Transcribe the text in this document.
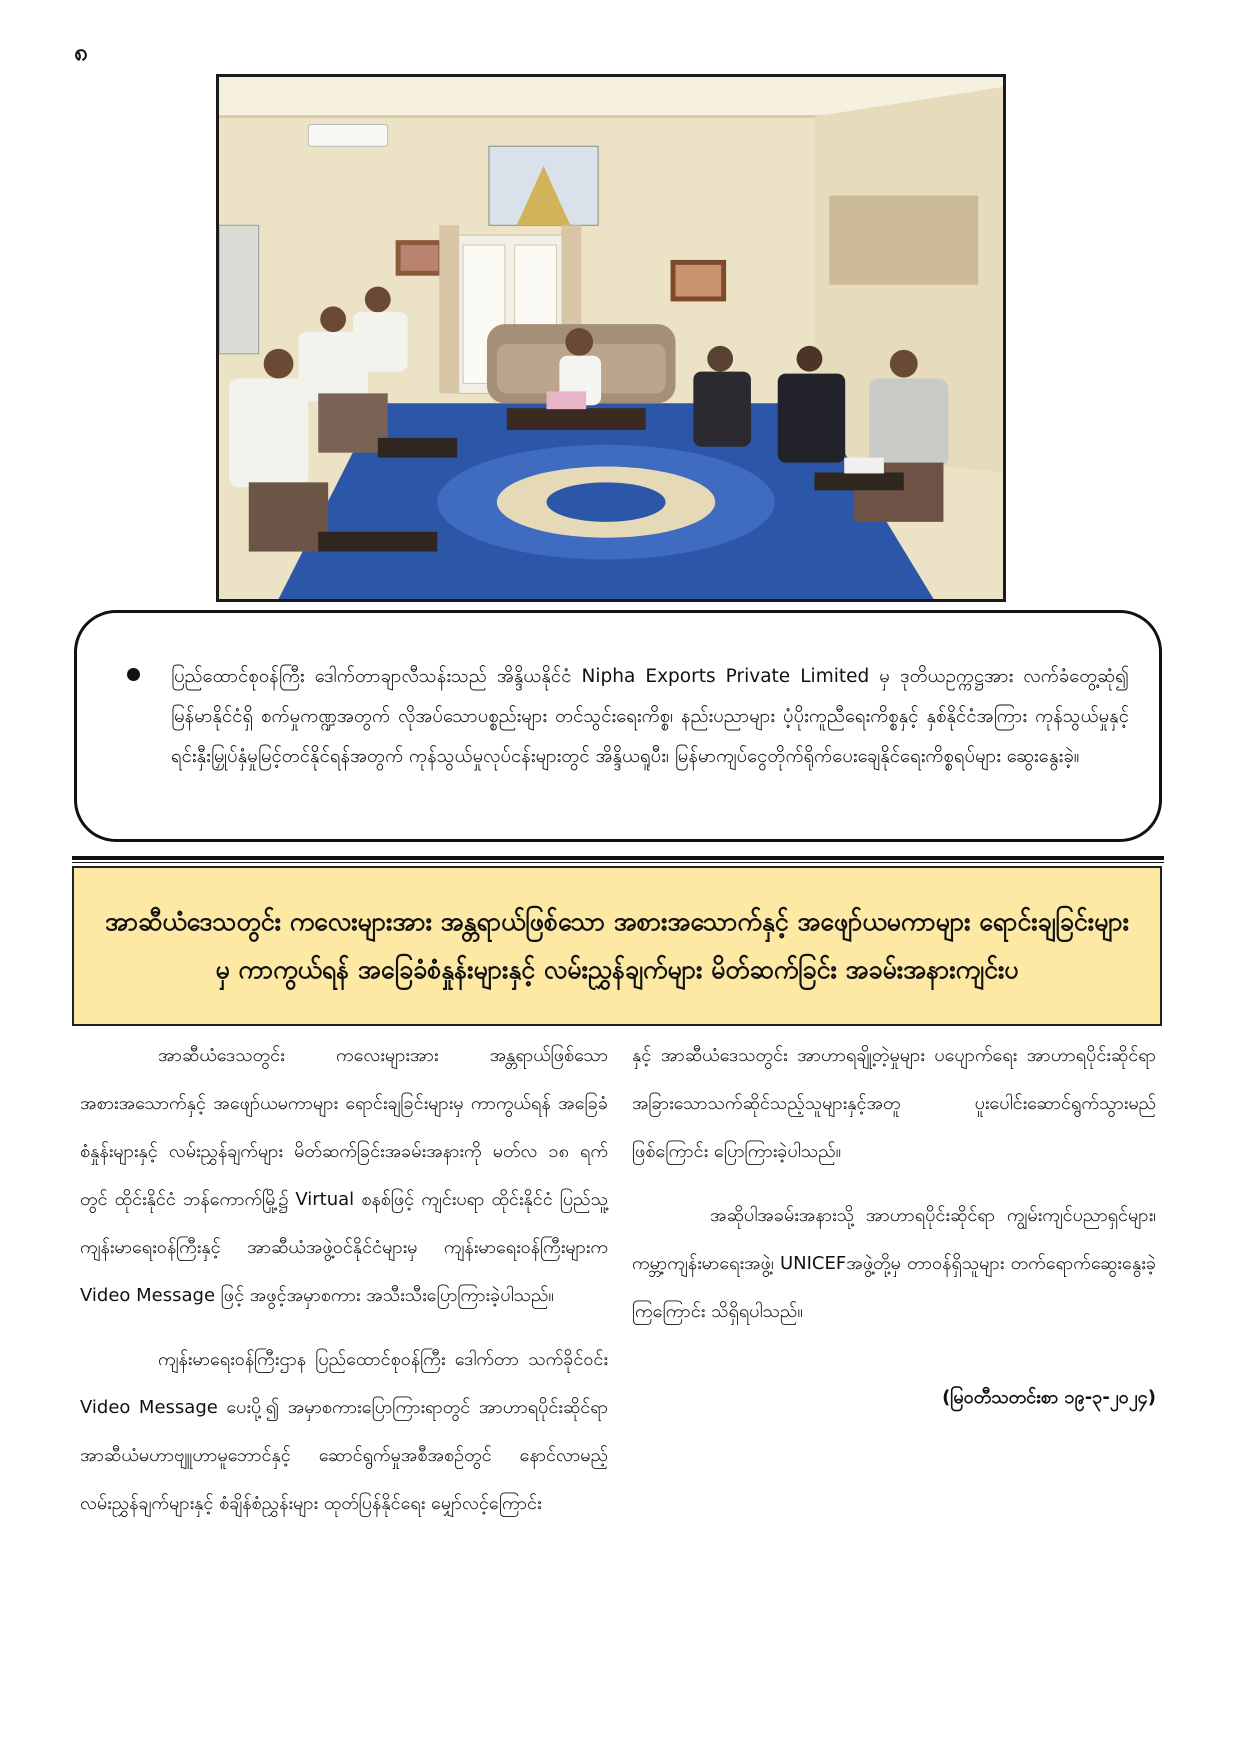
၈

ပြည်ထောင်စုဝန်ကြီး ဒေါက်တာချာလီသန်းသည် အိန္ဒိယနိုင်ငံ Nipha Exports Private Limited မှ ဒုတိယဥက္ကဋ္ဌအား လက်ခံတွေ့ဆုံ၍ မြန်မာနိုင်ငံရှိ စက်မှုကဏ္ဍအတွက် လိုအပ်သောပစ္စည်းများ တင်သွင်းရေးကိစ္စ၊ နည်းပညာများ ပံ့ပိုးကူညီရေးကိစ္စနှင့် နှစ်နိုင်ငံအကြား ကုန်သွယ်မှုနှင့် ရင်းနှီးမြှုပ်နှံမှုမြင့်တင်နိုင်ရန်အတွက် ကုန်သွယ်မှုလုပ်ငန်းများတွင် အိန္ဒိယရူပီး၊ မြန်မာကျပ်ငွေတိုက်ရိုက်ပေးချေနိုင်ရေးကိစ္စရပ်များ ဆွေးနွေးခဲ့။

အာဆီယံဒေသတွင်း ကလေးများအား အန္တရာယ်ဖြစ်သော အစားအသောက်နှင့် အဖျော်ယမကာများ ရောင်းချခြင်းများမှ ကာကွယ်ရန် အခြေခံစံနှုန်းများနှင့် လမ်းညွှန်ချက်များ မိတ်ဆက်ခြင်း အခမ်းအနားကျင်းပ

အာဆီယံဒေသတွင်း ကလေးများအား အန္တရာယ်ဖြစ်သော အစားအသောက်နှင့် အဖျော်ယမကာများ ရောင်းချခြင်းများမှ ကာကွယ်ရန် အခြေခံစံနှုန်းများနှင့် လမ်းညွှန်ချက်များ မိတ်ဆက်ခြင်းအခမ်းအနားကို မတ်လ ၁၈ ရက်တွင် ထိုင်းနိုင်ငံ ဘန်ကောက်မြို့၌ Virtual စနစ်ဖြင့် ကျင်းပရာ ထိုင်းနိုင်ငံ ပြည်သူ့ကျန်းမာရေးဝန်ကြီးနှင့် အာဆီယံအဖွဲ့ဝင်နိုင်ငံများမှ ကျန်းမာရေးဝန်ကြီးများက Video Message ဖြင့် အဖွင့်အမှာစကား အသီးသီးပြောကြားခဲ့ပါသည်။

ကျန်းမာရေးဝန်ကြီးဌာန ပြည်ထောင်စုဝန်ကြီး ဒေါက်တာ သက်ခိုင်ဝင်း Video Message ပေးပို့၍ အမှာစကားပြောကြားရာတွင် အာဟာရပိုင်းဆိုင်ရာ အာဆီယံမဟာဗျူဟာမူဘောင်နှင့် ဆောင်ရွက်မှုအစီအစဉ်တွင် နောင်လာမည့်လမ်းညွှန်ချက်များနှင့် စံချိန်စံညွှန်းများ ထုတ်ပြန်နိုင်ရေး မျှော်လင့်ကြောင်း

နှင့် အာဆီယံဒေသတွင်း အာဟာရချို့တဲ့မှုများ ပပျောက်ရေး အာဟာရပိုင်းဆိုင်ရာ အခြားသောသက်ဆိုင်သည့်သူများနှင့်အတူ ပူးပေါင်းဆောင်ရွက်သွားမည်ဖြစ်ကြောင်း ပြောကြားခဲ့ပါသည်။

အဆိုပါအခမ်းအနားသို့ အာဟာရပိုင်းဆိုင်ရာ ကျွမ်းကျင်ပညာရှင်များ၊ ကမ္ဘာ့ကျန်းမာရေးအဖွဲ့၊ UNICEFအဖွဲ့တို့မှ တာဝန်ရှိသူများ တက်ရောက်ဆွေးနွေးခဲ့ကြကြောင်း သိရှိရပါသည်။

(မြဝတီသတင်းစာ ၁၉-၃-၂၀၂၄)
